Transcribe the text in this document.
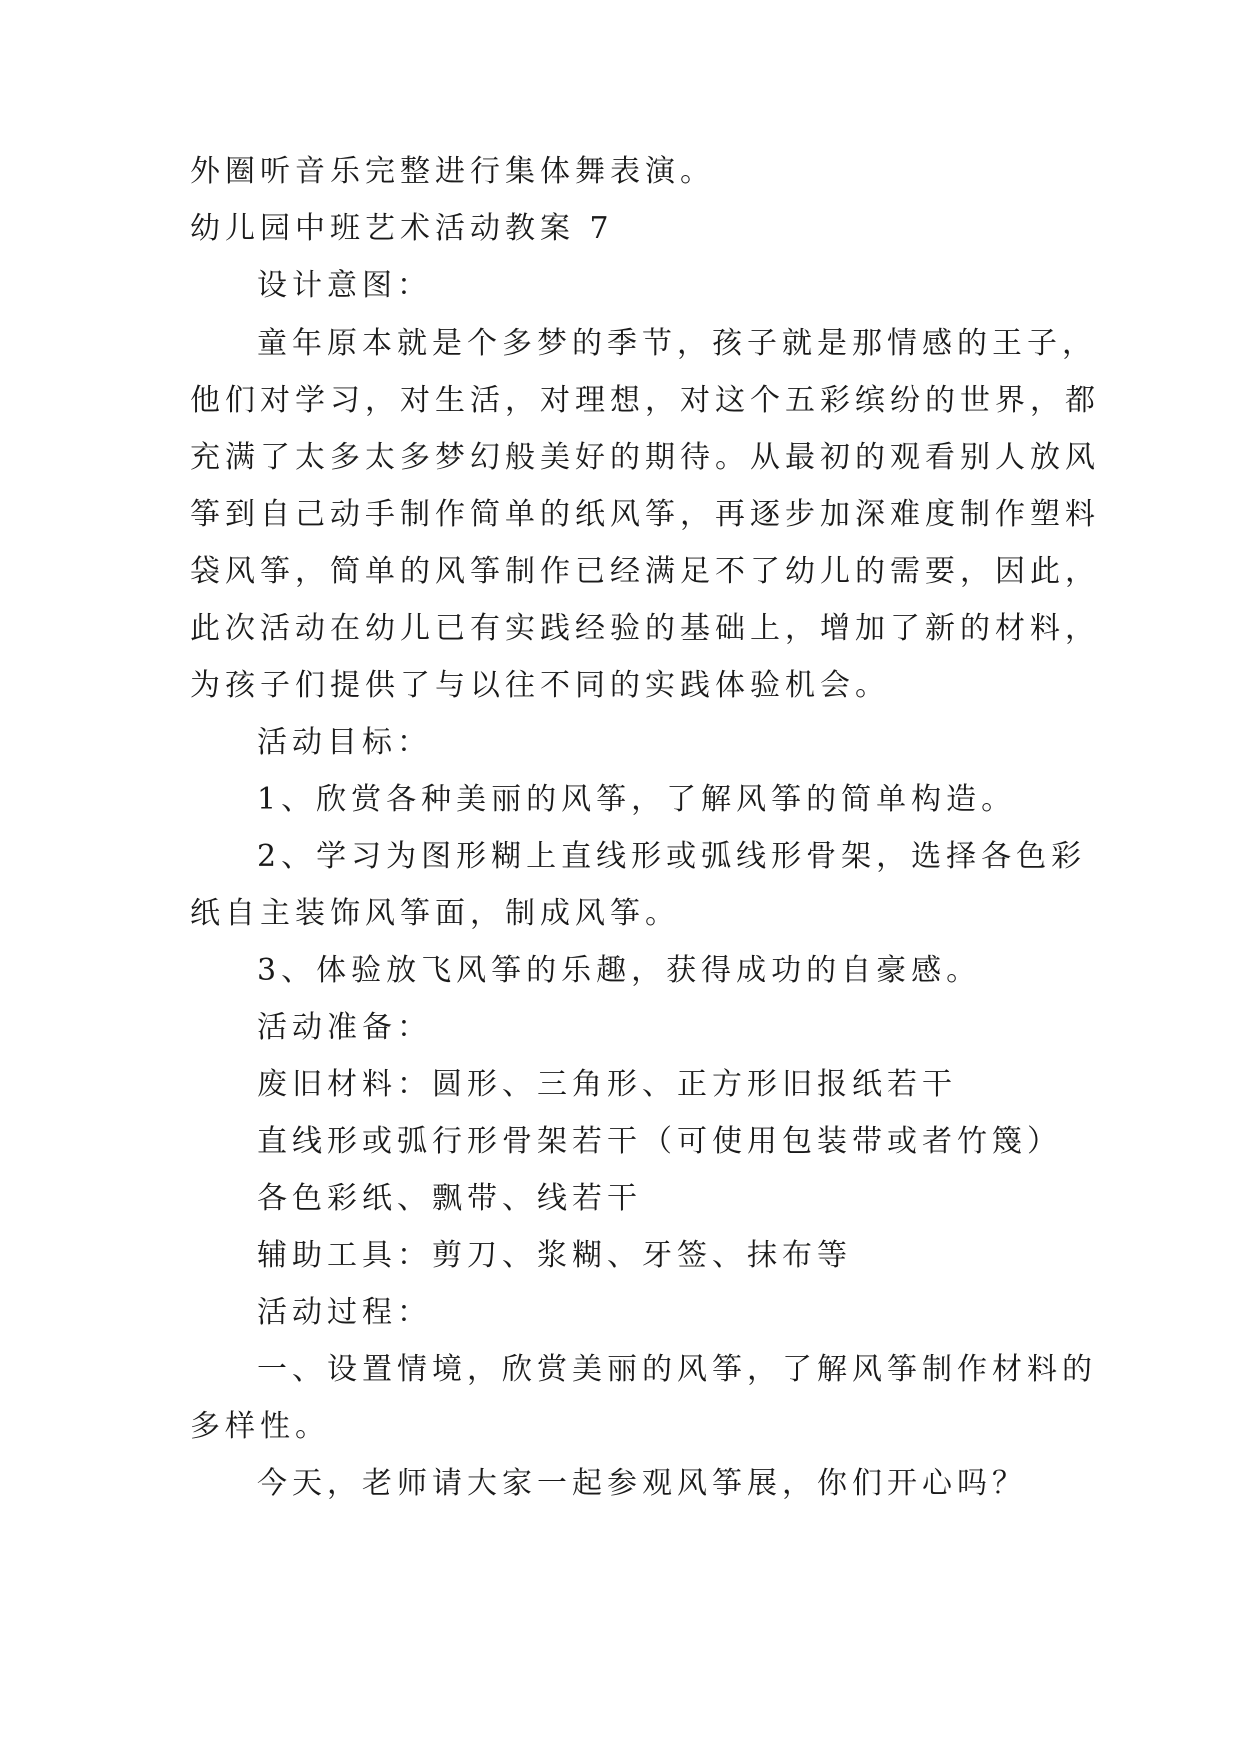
外圈听音乐完整进行集体舞表演。
幼儿园中班艺术活动教案 7
设计意图：
童年原本就是个多梦的季节，孩子就是那情感的王子，
他们对学习，对生活，对理想，对这个五彩缤纷的世界，都
充满了太多太多梦幻般美好的期待。从最初的观看别人放风
筝到自己动手制作简单的纸风筝，再逐步加深难度制作塑料
袋风筝，简单的风筝制作已经满足不了幼儿的需要，因此，
此次活动在幼儿已有实践经验的基础上，增加了新的材料，
为孩子们提供了与以往不同的实践体验机会。
活动目标：
1、欣赏各种美丽的风筝，了解风筝的简单构造。
2、学习为图形糊上直线形或弧线形骨架，选择各色彩
纸自主装饰风筝面，制成风筝。
3、体验放飞风筝的乐趣，获得成功的自豪感。
活动准备：
废旧材料：圆形、三角形、正方形旧报纸若干
直线形或弧行形骨架若干（可使用包装带或者竹篾）
各色彩纸、飘带、线若干
辅助工具：剪刀、浆糊、牙签、抹布等
活动过程：
一、设置情境，欣赏美丽的风筝，了解风筝制作材料的
多样性。
今天，老师请大家一起参观风筝展，你们开心吗？
